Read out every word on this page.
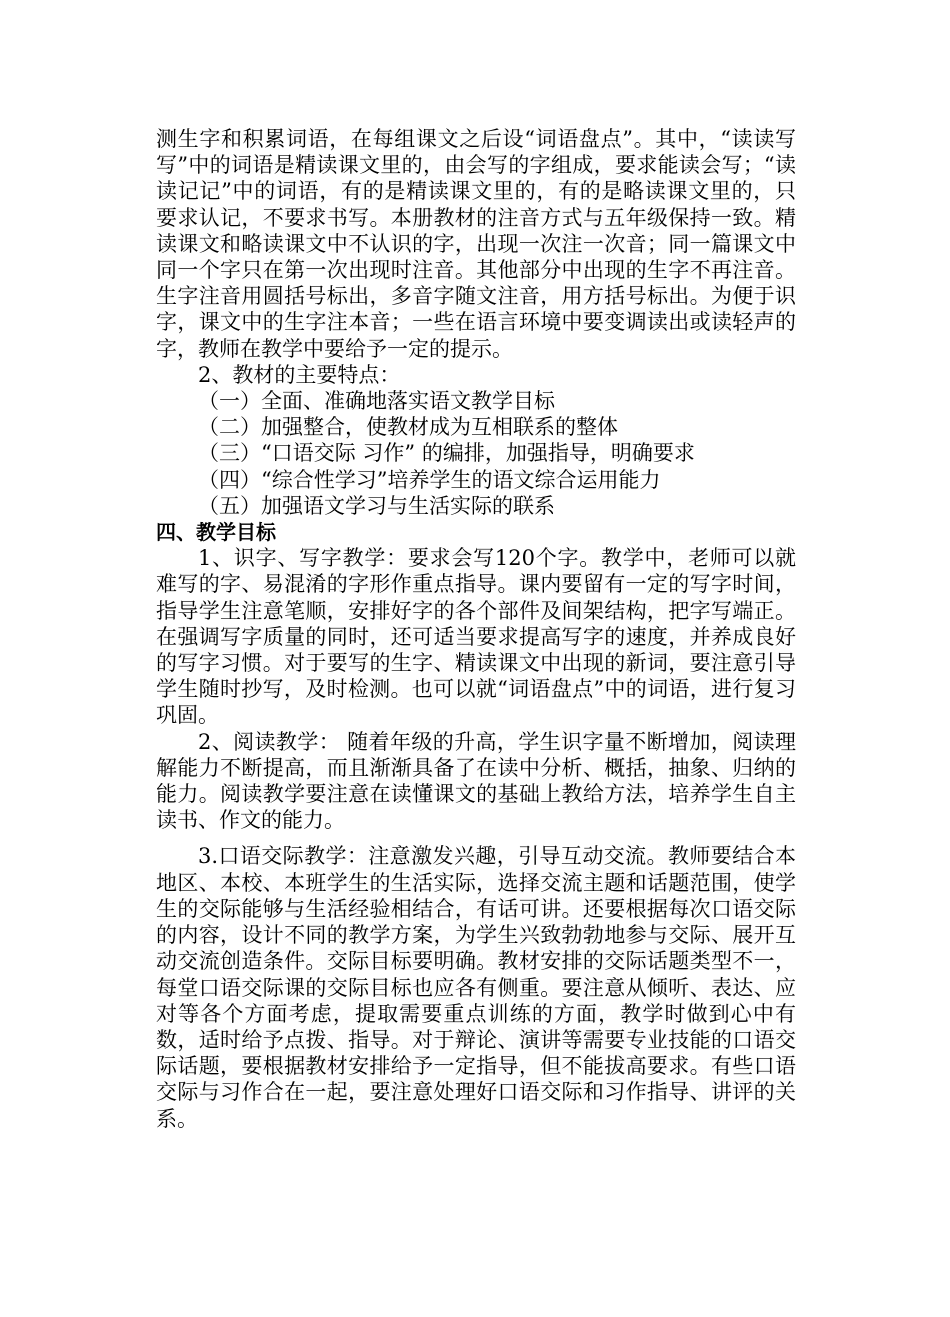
测生字和积累词语，在每组课文之后设“词语盘点”。其中，“读读写写”中的词语是精读课文里的，由会写的字组成，要求能读会写；“读读记记”中的词语，有的是精读课文里的，有的是略读课文里的，只要求认记，不要求书写。本册教材的注音方式与五年级保持一致。精读课文和略读课文中不认识的字，出现一次注一次音；同一篇课文中同一个字只在第一次出现时注音。其他部分中出现的生字不再注音。生字注音用圆括号标出，多音字随文注音，用方括号标出。为便于识字，课文中的生字注本音；一些在语言环境中要变调读出或读轻声的字，教师在教学中要给予一定的提示。

2、教材的主要特点：

（一）全面、准确地落实语文教学目标

（二）加强整合，使教材成为互相联系的整体

（三）“口语交际 习作” 的编排，加强指导，明确要求

（四）“综合性学习”培养学生的语文综合运用能力

（五）加强语文学习与生活实际的联系

四、教学目标

1、识字、写字教学：要求会写120个字。教学中，老师可以就难写的字、易混淆的字形作重点指导。课内要留有一定的写字时间，指导学生注意笔顺，安排好字的各个部件及间架结构，把字写端正。在强调写字质量的同时，还可适当要求提高写字的速度，并养成良好的写字习惯。对于要写的生字、精读课文中出现的新词，要注意引导学生随时抄写，及时检测。也可以就“词语盘点”中的词语，进行复习巩固。

2、阅读教学： 随着年级的升高，学生识字量不断增加，阅读理解能力不断提高，而且渐渐具备了在读中分析、概括，抽象、归纳的能力。阅读教学要注意在读懂课文的基础上教给方法，培养学生自主读书、作文的能力。

3.口语交际教学：注意激发兴趣，引导互动交流。教师要结合本地区、本校、本班学生的生活实际，选择交流主题和话题范围，使学生的交际能够与生活经验相结合，有话可讲。还要根据每次口语交际的内容，设计不同的教学方案，为学生兴致勃勃地参与交际、展开互动交流创造条件。交际目标要明确。教材安排的交际话题类型不一，每堂口语交际课的交际目标也应各有侧重。要注意从倾听、表达、应对等各个方面考虑，提取需要重点训练的方面，教学时做到心中有数，适时给予点拨、指导。对于辩论、演讲等需要专业技能的口语交际话题，要根据教材安排给予一定指导，但不能拔高要求。有些口语交际与习作合在一起，要注意处理好口语交际和习作指导、讲评的关系。
